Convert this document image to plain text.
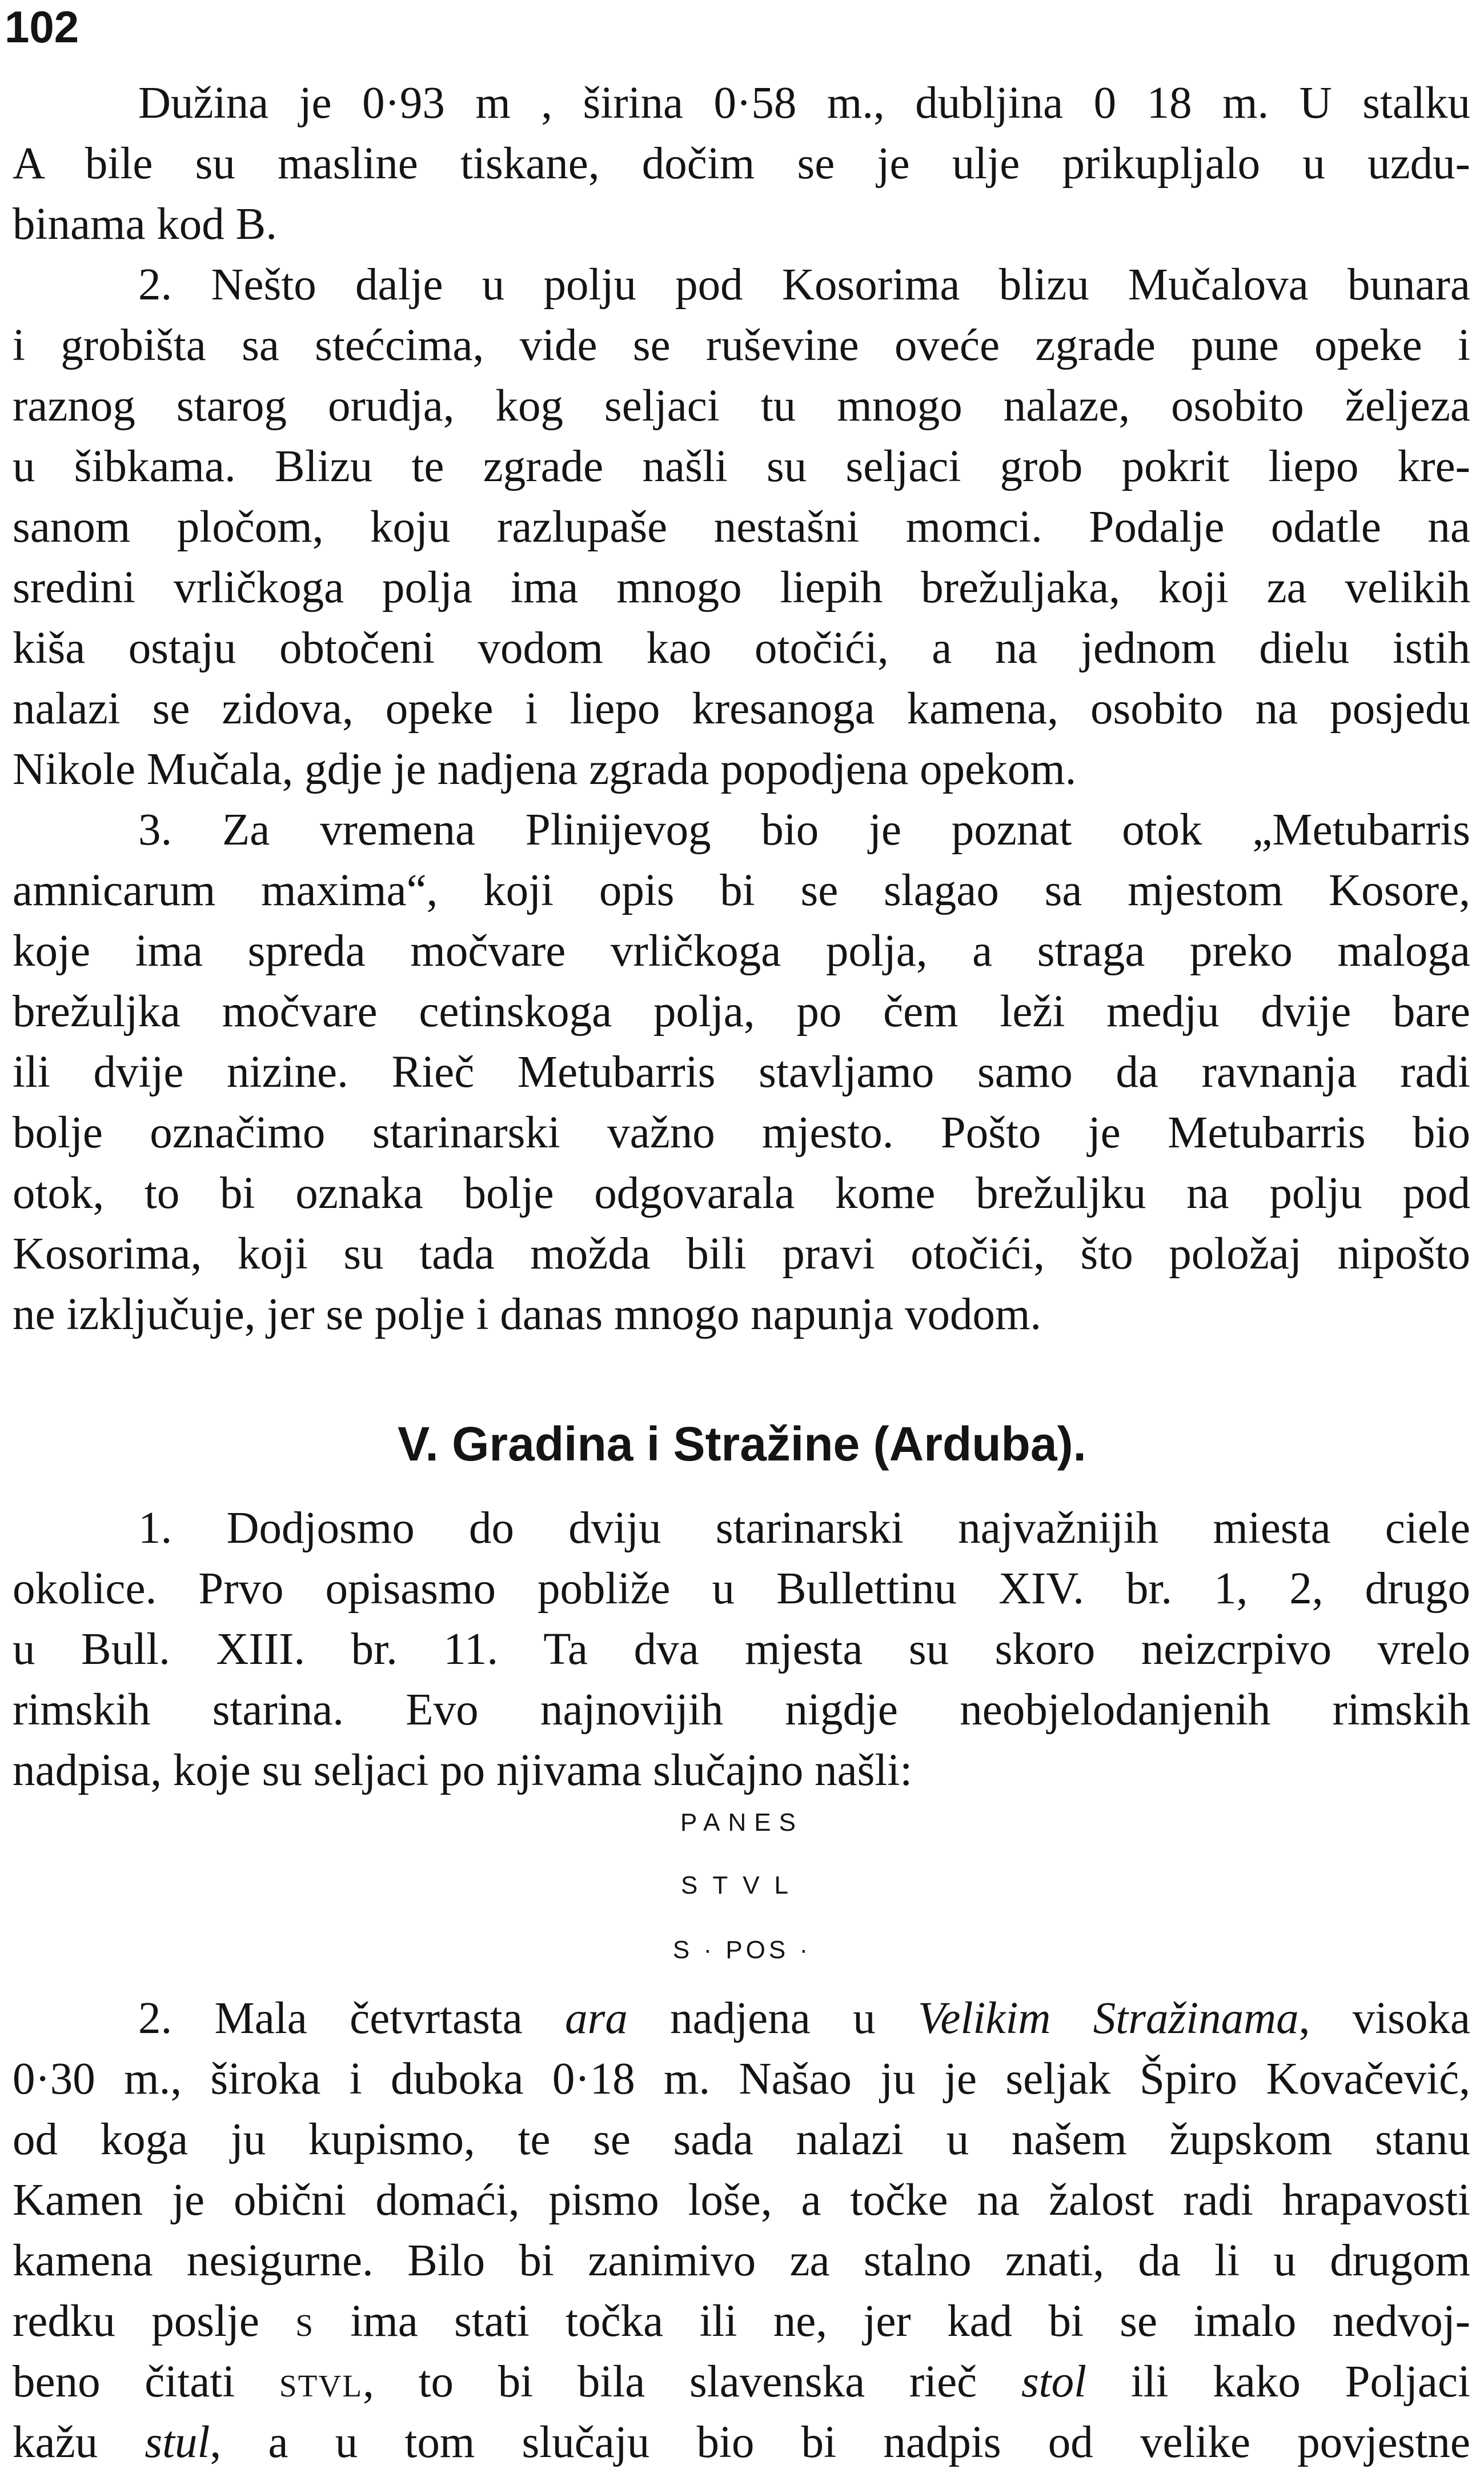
102
Dužina je 0·93 m , širina 0·58 m., dubljina 0 18 m. U stalku
A bile su masline tiskane, dočim se je ulje prikupljalo u uzdu-
binama kod B.
2. Nešto dalje u polju pod Kosorima blizu Mučalova bunara
i grobišta sa stećcima, vide se ruševine oveće zgrade pune opeke i
raznog starog orudja, kog seljaci tu mnogo nalaze, osobito željeza
u šibkama. Blizu te zgrade našli su seljaci grob pokrit liepo kre-
sanom pločom, koju razlupaše nestašni momci. Podalje odatle na
sredini vrličkoga polja ima mnogo liepih brežuljaka, koji za velikih
kiša ostaju obtočeni vodom kao otočići, a na jednom dielu istih
nalazi se zidova, opeke i liepo kresanoga kamena, osobito na posjedu
Nikole Mučala, gdje je nadjena zgrada popodjena opekom.
3. Za vremena Plinijevog bio je poznat otok „Metubarris
amnicarum maxima“, koji opis bi se slagao sa mjestom Kosore,
koje ima spreda močvare vrličkoga polja, a straga preko maloga
brežuljka močvare cetinskoga polja, po čem leži medju dvije bare
ili dvije nizine. Rieč Metubarris stavljamo samo da ravnanja radi
bolje označimo starinarski važno mjesto. Pošto je Metubarris bio
otok, to bi oznaka bolje odgovarala kome brežuljku na polju pod
Kosorima, koji su tada možda bili pravi otočići, što položaj nipošto
ne izključuje, jer se polje i danas mnogo napunja vodom.
V. Gradina i Stražine (Arduba).
1. Dodjosmo do dviju starinarski najvažnijih miesta ciele
okolice. Prvo opisasmo pobliže u Bullettinu XIV. br. 1, 2, drugo
u Bull. XIII. br. 11. Ta dva mjesta su skoro neizcrpivo vrelo
rimskih starina. Evo najnovijih nigdje neobjelodanjenih rimskih
nadpisa, koje su seljaci po njivama slučajno našli:
PANES
STVL
S · POS ·
2. Mala četvrtasta ara nadjena u Velikim Stražinama, visoka
0·30 m., široka i duboka 0·18 m. Našao ju je seljak Špiro Kovačević,
od koga ju kupismo, te se sada nalazi u našem župskom stanu
Kamen je obični domaći, pismo loše, a točke na žalost radi hrapavosti
kamena nesigurne. Bilo bi zanimivo za stalno znati, da li u drugom
redku poslje S ima stati točka ili ne, jer kad bi se imalo nedvoj-
beno čitati STVL, to bi bila slavenska rieč stol ili kako Poljaci
kažu stul, a u tom slučaju bio bi nadpis od velike povjestne
